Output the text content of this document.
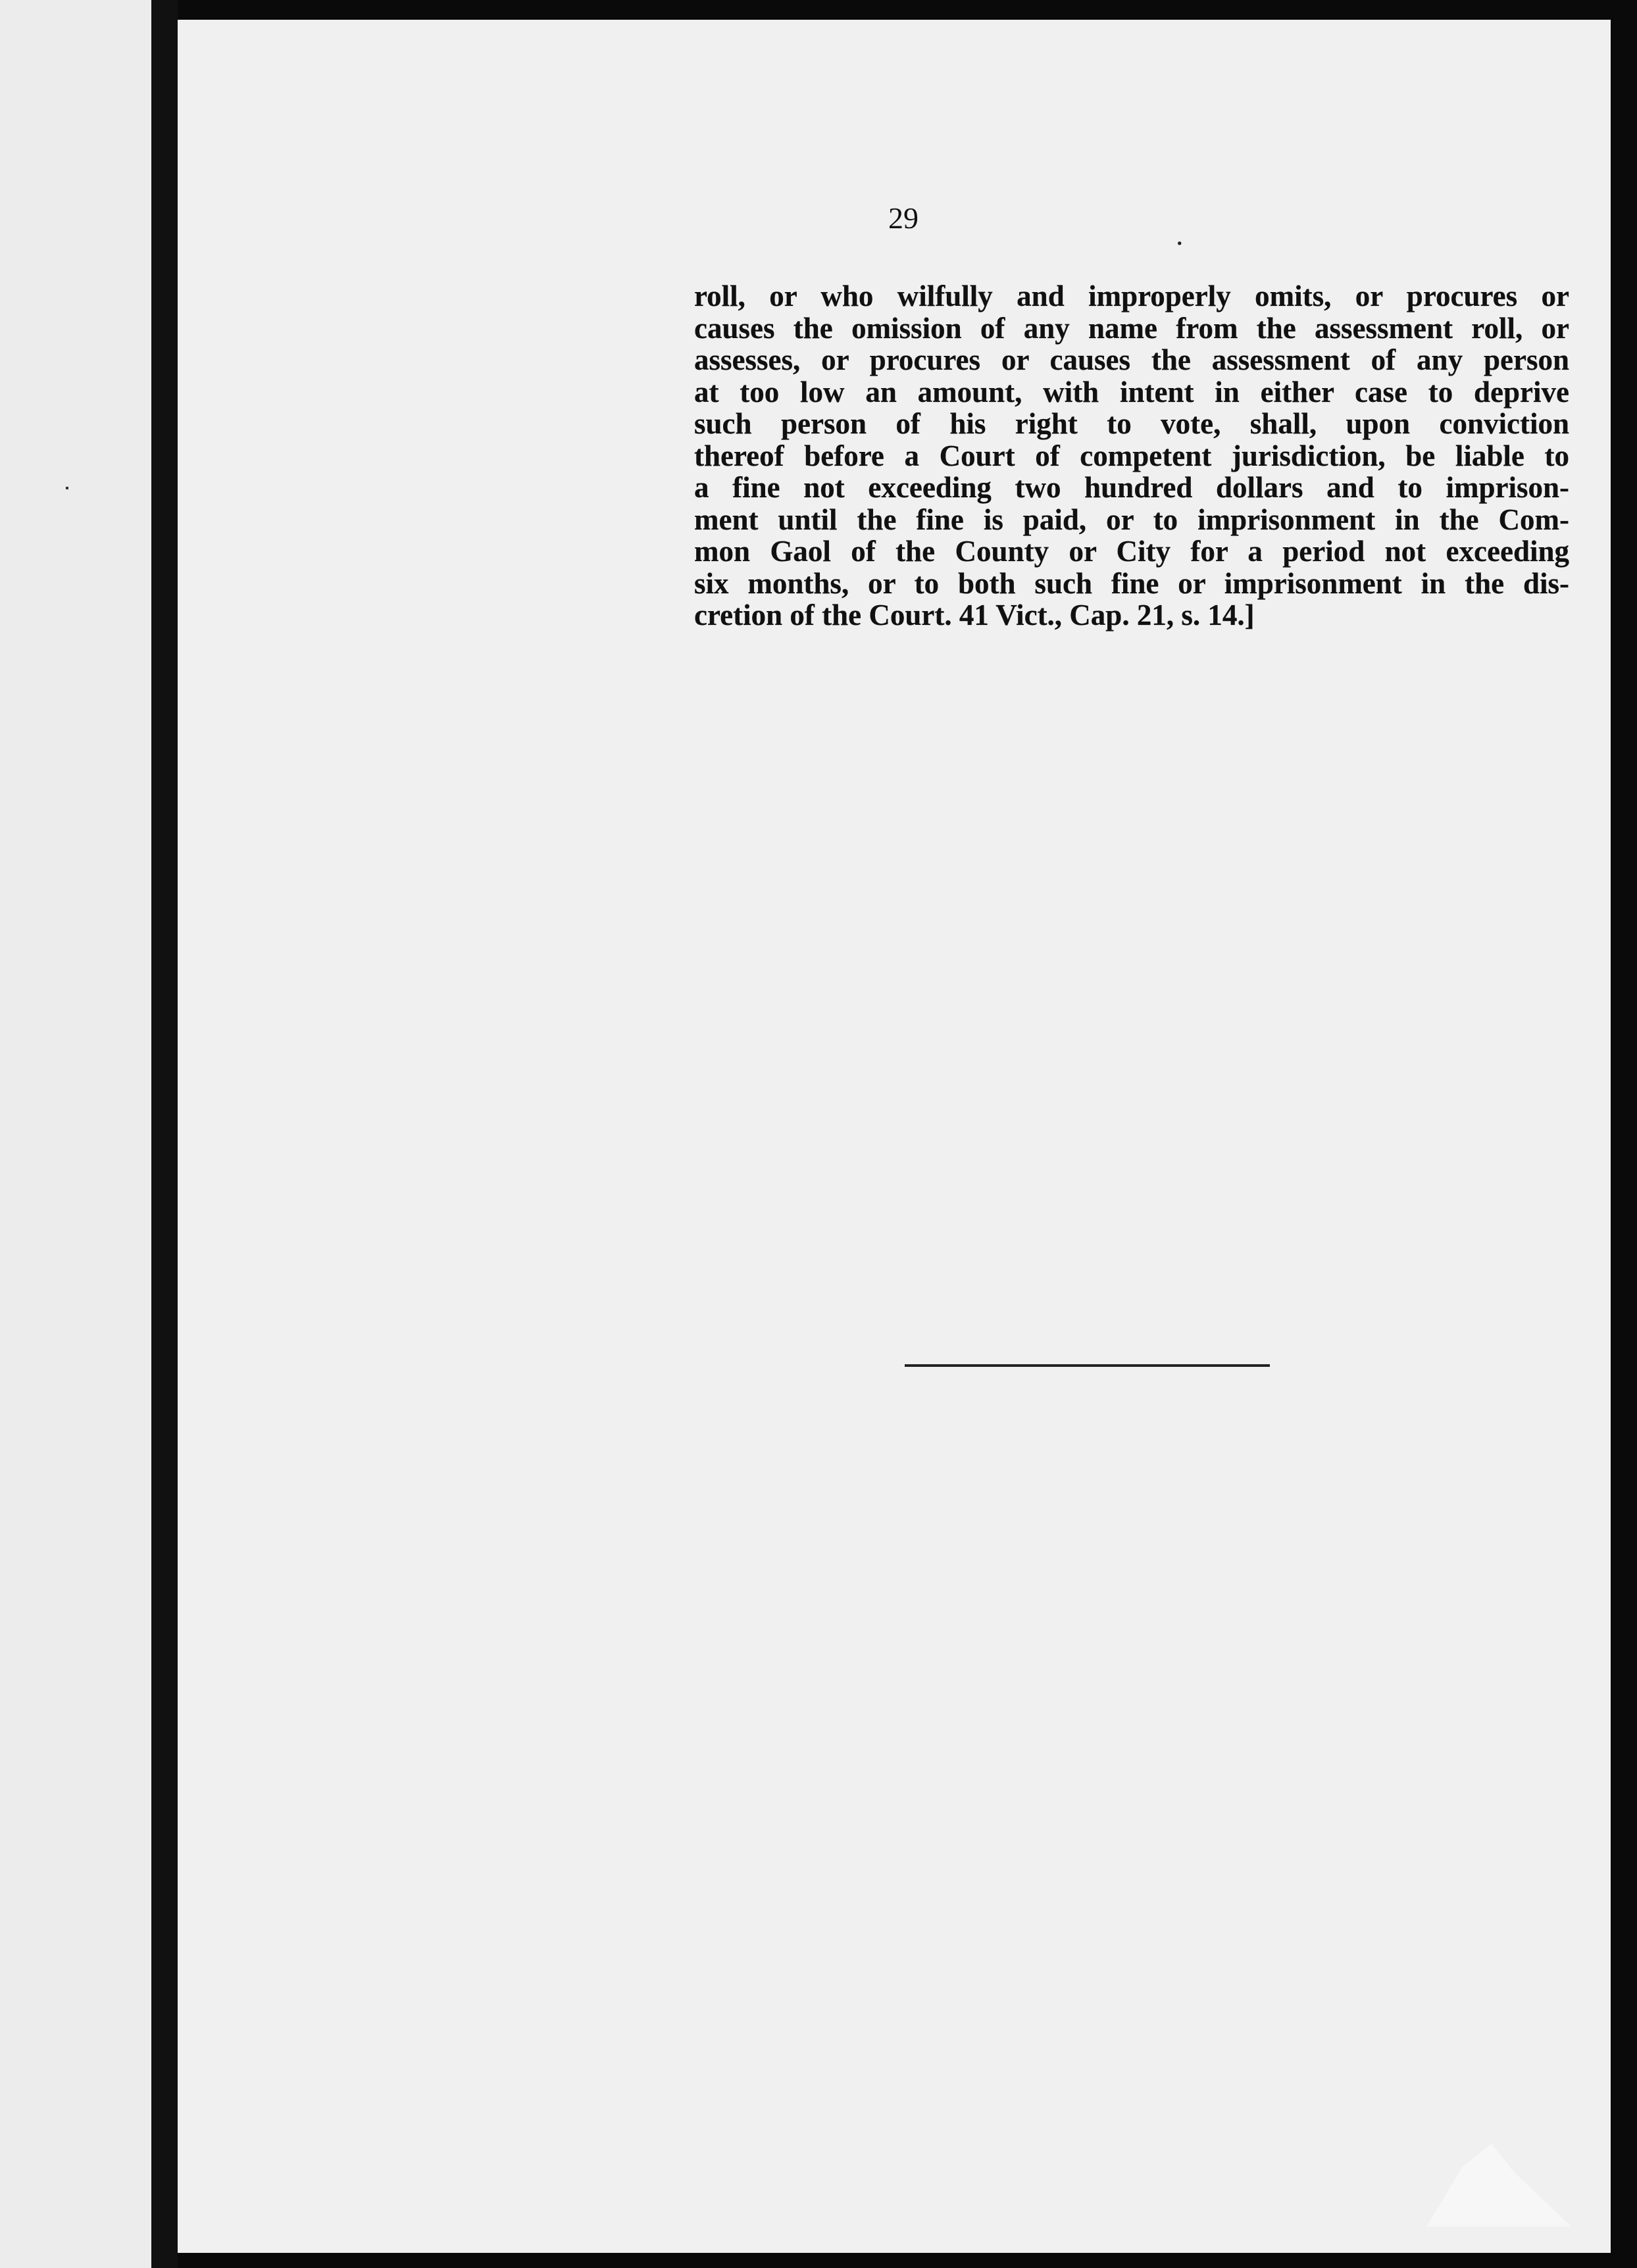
29	.
roll, or who wilfully and improperly omits, or procures or
causes the omission of any name from the assessment roll, or
assesses, or procures or causes the assessment of any person
at too low an amount, with intent in either case to deprive
such person of his right to vote, shall, upon conviction
thereof before a Court of competent jurisdiction, be liable to
a fine not exceeding two hundred dollars and to imprison-
ment until the fine is paid, or to imprisonment in the Com-
mon Gaol of the County or City for a period not exceeding
six months, or to both such fine or imprisonment in the dis-
cretion of the Court. 41 Vict., Cap. 21, s. 14.]
